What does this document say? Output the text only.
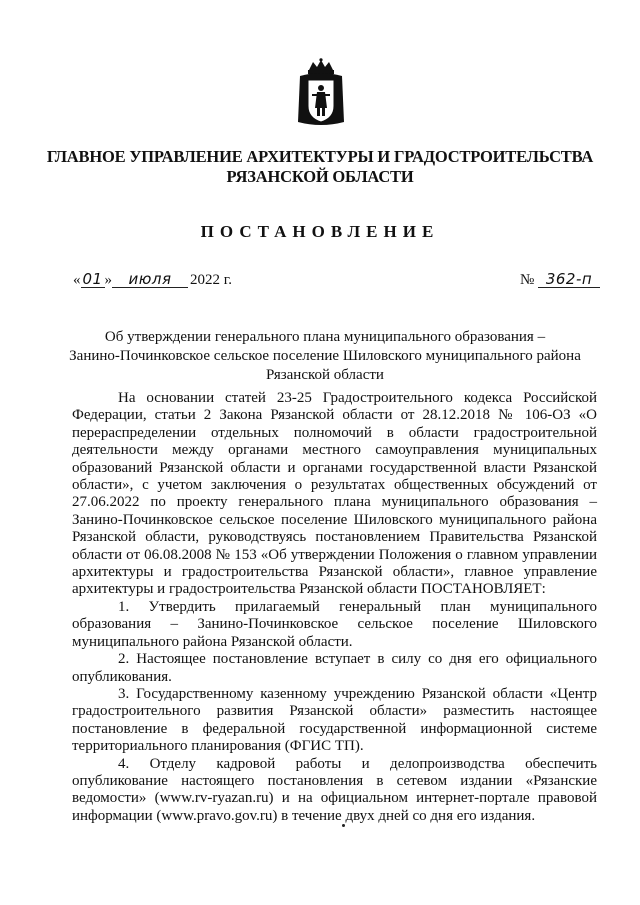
ГЛАВНОЕ УПРАВЛЕНИЕ АРХИТЕКТУРЫ И ГРАДОСТРОИТЕЛЬСТВА
РЯЗАНСКОЙ ОБЛАСТИ
ПОСТАНОВЛЕНИЕ
« 01 » июля 2022 г.	№ 362-п
Об утверждении генерального плана муниципального образования –
Занино-Починковское сельское поселение Шиловского муниципального района
Рязанской области

На основании статей 23-25 Градостроительного кодекса Российской Федерации, статьи 2 Закона Рязанской области от 28.12.2018 № 106-ОЗ «О перераспределении отдельных полномочий в области градостроительной деятельности между органами местного самоуправления муниципальных образований Рязанской области и органами государственной власти Рязанской области», с учетом заключения о результатах общественных обсуждений от 27.06.2022 по проекту генерального плана муниципального образования – Занино-Починковское сельское поселение Шиловского муниципального района Рязанской области, руководствуясь постановлением Правительства Рязанской области от 06.08.2008 № 153 «Об утверждении Положения о главном управлении архитектуры и градостроительства Рязанской области», главное управление архитектуры и градостроительства Рязанской области ПОСТАНОВЛЯЕТ:

1. Утвердить прилагаемый генеральный план муниципального образования – Занино-Починковское сельское поселение Шиловского муниципального района Рязанской области.

2. Настоящее постановление вступает в силу со дня его официального опубликования.

3. Государственному казенному учреждению Рязанской области «Центр градостроительного развития Рязанской области» разместить настоящее постановление в федеральной государственной информационной системе территориального планирования (ФГИС ТП).

4. Отделу кадровой работы и делопроизводства обеспечить опубликование настоящего постановления в сетевом издании «Рязанские ведомости» (www.rv-ryazan.ru) и на официальном интернет-портале правовой информации (www.pravo.gov.ru) в течение двух дней со дня его издания.
